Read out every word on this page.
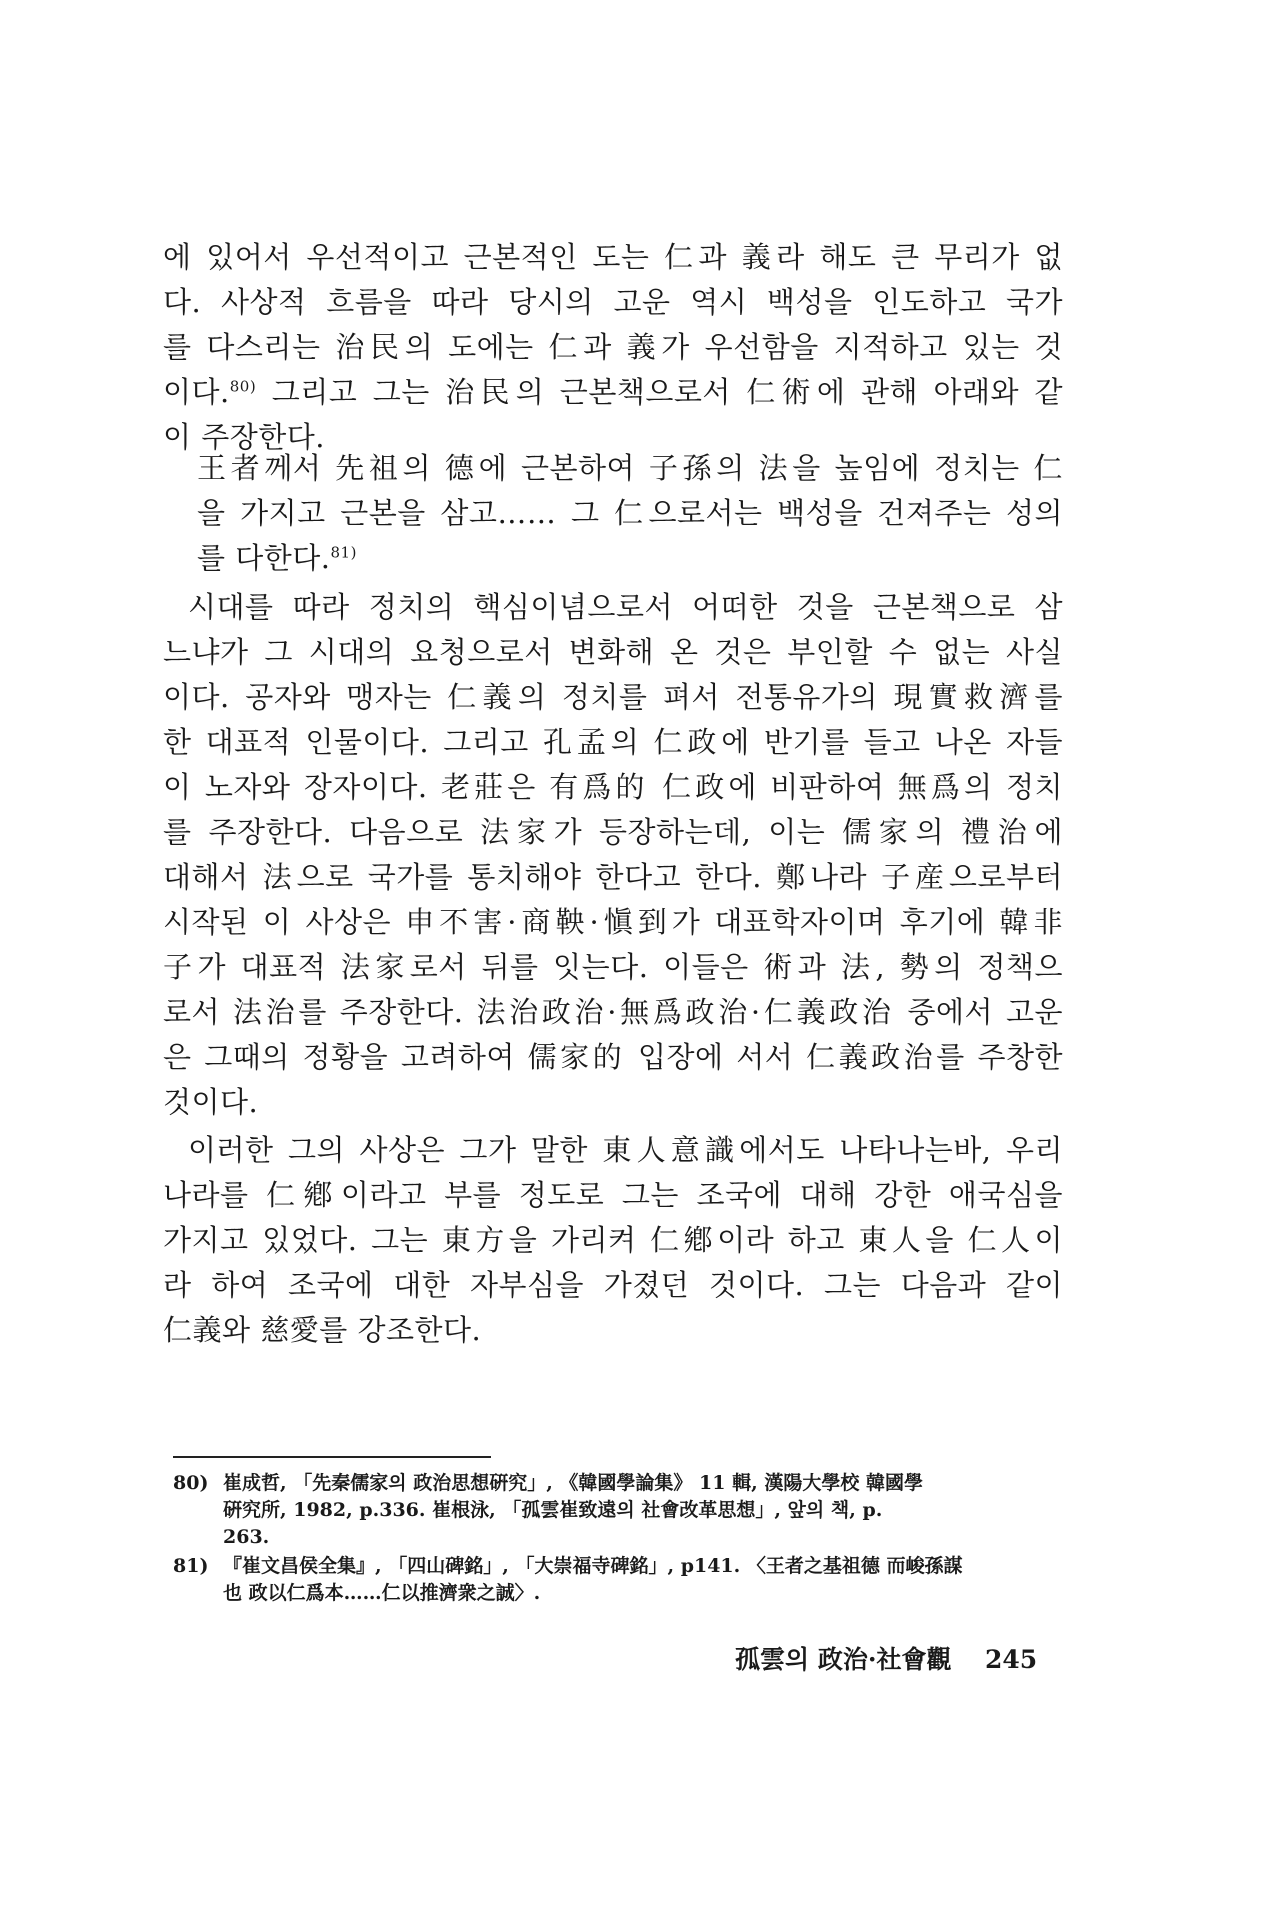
에 있어서 우선적이고 근본적인 도는 仁과 義라 해도 큰 무리가 없
다. 사상적 흐름을 따라 당시의 고운 역시 백성을 인도하고 국가
를 다스리는 治民의 도에는 仁과 義가 우선함을 지적하고 있는 것
이다.$^{80)}$ 그리고 그는 治民의 근본책으로서 仁術에 관해 아래와 같
이 주장한다.
王者께서 先祖의 德에 근본하여 子孫의 法을 높임에 정치는 仁
을 가지고 근본을 삼고…… 그 仁으로서는 백성을 건져주는 성의
를 다한다.$^{81)}$
시대를 따라 정치의 핵심이념으로서 어떠한 것을 근본책으로 삼
느냐가 그 시대의 요청으로서 변화해 온 것은 부인할 수 없는 사실
이다. 공자와 맹자는 仁義의 정치를 펴서 전통유가의 現實救濟를
한 대표적 인물이다. 그리고 孔孟의 仁政에 반기를 들고 나온 자들
이 노자와 장자이다. 老莊은 有爲的 仁政에 비판하여 無爲의 정치
를 주장한다. 다음으로 法家가 등장하는데, 이는 儒家의 禮治에
대해서 法으로 국가를 통치해야 한다고 한다. 鄭나라 子産으로부터
시작된 이 사상은 申不害·商鞅·愼到가 대표학자이며 후기에 韓非
子가 대표적 法家로서 뒤를 잇는다. 이들은 術과 法, 勢의 정책으
로서 法治를 주장한다. 法治政治·無爲政治·仁義政治 중에서 고운
은 그때의 정황을 고려하여 儒家的 입장에 서서 仁義政治를 주창한
것이다.
이러한 그의 사상은 그가 말한 東人意識에서도 나타나는바, 우리
나라를 仁鄕이라고 부를 정도로 그는 조국에 대해 강한 애국심을
가지고 있었다. 그는 東方을 가리켜 仁鄕이라 하고 東人을 仁人이
라 하여 조국에 대한 자부심을 가졌던 것이다. 그는 다음과 같이
仁義와 慈愛를 강조한다.
80) 崔成哲, 「先秦儒家의 政治思想硏究」, 《韓國學論集》 11 輯, 漢陽大學校 韓國學
硏究所, 1982, p.336. 崔根泳, 「孤雲崔致遠의 社會改革思想」, 앞의 책, p.
263.
81) 『崔文昌侯全集』, 「四山碑銘」, 「大崇福寺碑銘」, p141. 〈王者之基祖德 而峻孫謀
也 政以仁爲本……仁以推濟衆之誠〉.
孤雲의 政治·社會觀 245
